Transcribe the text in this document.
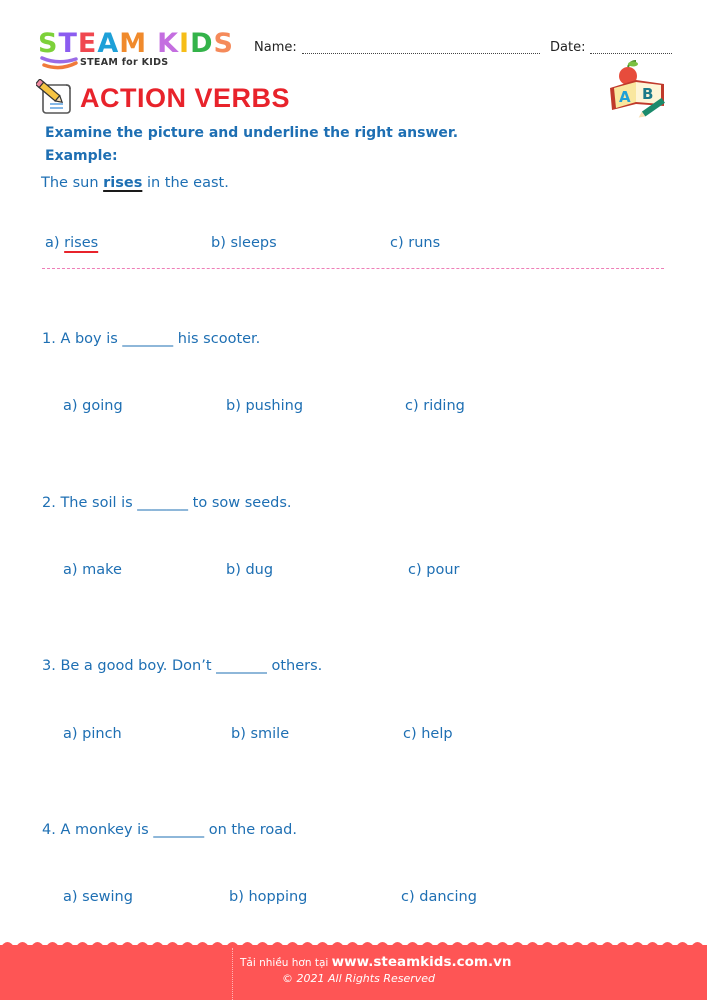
STEAM KIDS
STEAM for KIDS
Name:	Date:
ACTION VERBS	A B
Examine the picture and underline the right answer.
Example:
The sun rises in the east.
a) rises	b) sleeps	c) runs
1. A boy is _______ his scooter.
a) going	b) pushing	c) riding
2. The soil is _______ to sow seeds.
a) make	b) dug	c) pour
3. Be a good boy. Don’t _______ others.
a) pinch	b) smile	c) help
4. A monkey is _______ on the road.
a) sewing	b) hopping	c) dancing
Tải nhiều hơn tại www.steamkids.com.vn
© 2021 All Rights Reserved
